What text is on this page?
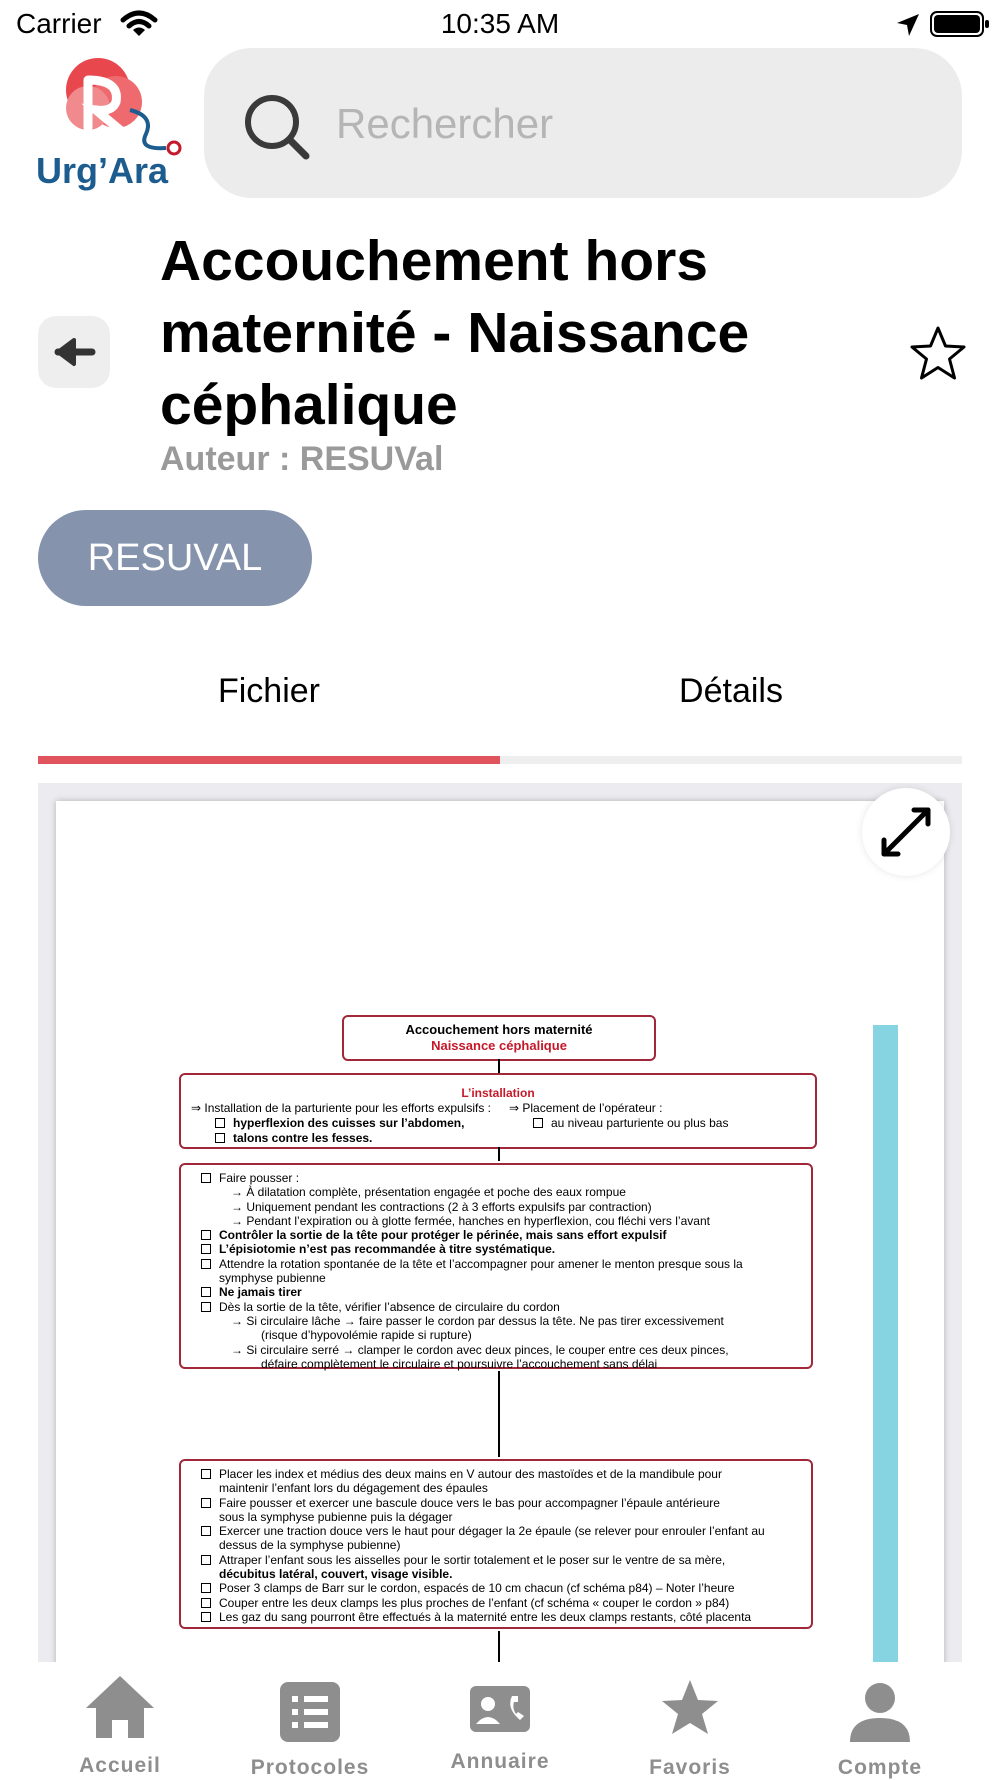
Carrier	10:35 AM
Urg’Ara
Rechercher
Accouchement hors maternité - Naissance céphalique
Auteur : RESUVal
RESUVAL
Fichier	Détails
Accouchement hors maternité
Naissance céphalique
L’installation
⇒ Installation de la parturiente pour les efforts expulsifs :
hyperflexion des cuisses sur l’abdomen,
talons contre les fesses.
⇒ Placement de l’opérateur :
au niveau parturiente ou plus bas
Faire pousser :
→ À dilatation complète, présentation engagée et poche des eaux rompue
→ Uniquement pendant les contractions (2 à 3 efforts expulsifs par contraction)
→ Pendant l’expiration ou à glotte fermée, hanches en hyperflexion, cou fléchi vers l’avant
Contrôler la sortie de la tête pour protéger le périnée, mais sans effort expulsif
L’épisiotomie n’est pas recommandée à titre systématique.
Attendre la rotation spontanée de la tête et l’accompagner pour amener le menton presque sous la
symphyse pubienne
Ne jamais tirer
Dès la sortie de la tête, vérifier l’absence de circulaire du cordon
→ Si circulaire lâche → faire passer le cordon par dessus la tête. Ne pas tirer excessivement
(risque d’hypovolémie rapide si rupture)
→ Si circulaire serré → clamper le cordon avec deux pinces, le couper entre ces deux pinces,
défaire complètement le circulaire et poursuivre l’accouchement sans délai
Placer les index et médius des deux mains en V autour des mastoïdes et de la mandibule pour
maintenir l’enfant lors du dégagement des épaules
Faire pousser et exercer une bascule douce vers le bas pour accompagner l’épaule antérieure
sous la symphyse pubienne puis la dégager
Exercer une traction douce vers le haut pour dégager la 2e épaule (se relever pour enrouler l’enfant au
dessus de la symphyse pubienne)
Attraper l’enfant sous les aisselles pour le sortir totalement et le poser sur le ventre de sa mère,
décubitus latéral, couvert, visage visible.
Poser 3 clamps de Barr sur le cordon, espacés de 10 cm chacun (cf schéma p84) – Noter l’heure
Couper entre les deux clamps les plus proches de l’enfant (cf schéma « couper le cordon » p84)
Les gaz du sang pourront être effectués à la maternité entre les deux clamps restants, côté placenta
Accueil	Protocoles	Annuaire	Favoris	Compte
